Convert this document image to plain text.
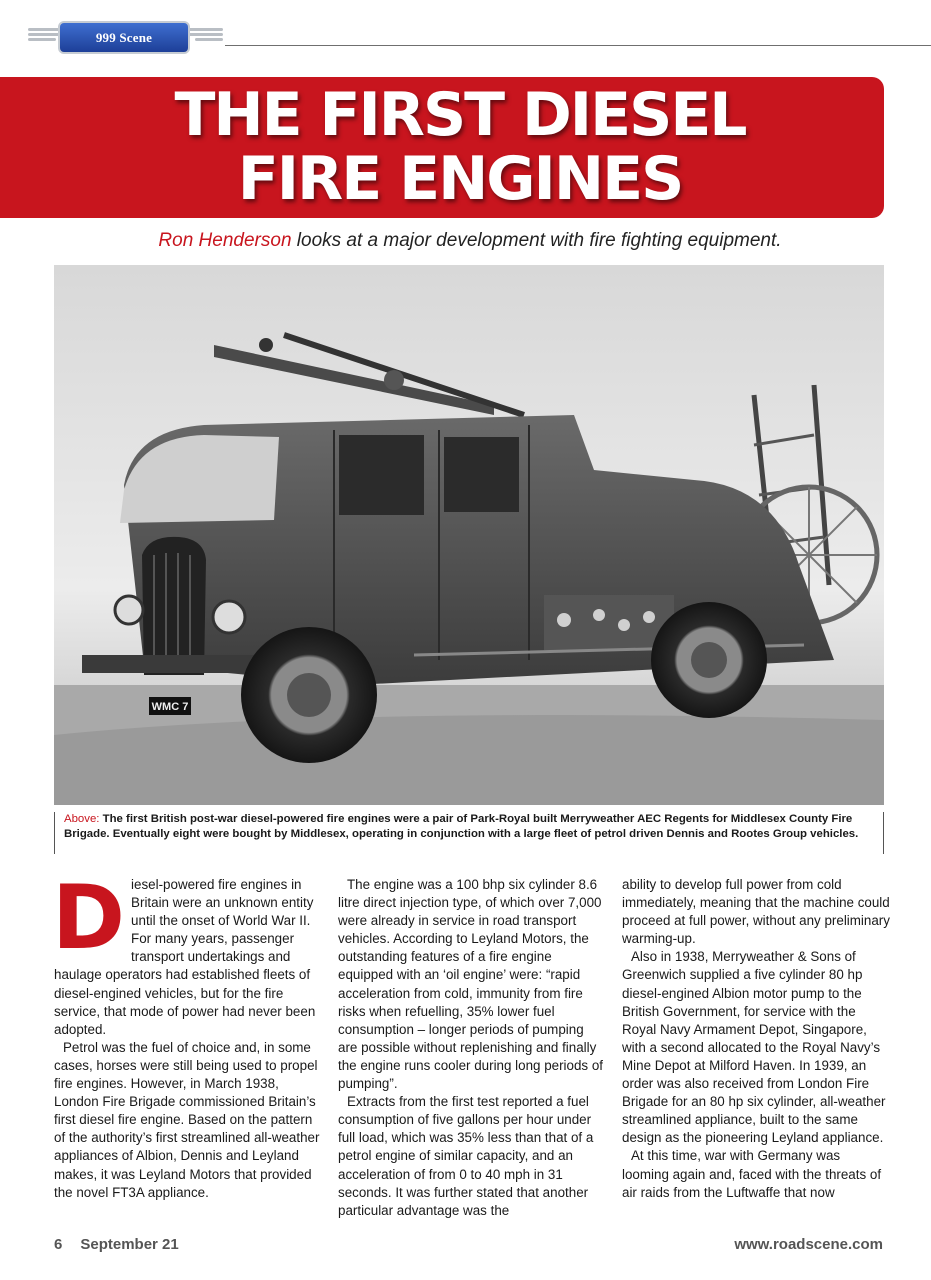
999 Scene
THE FIRST DIESEL
FIRE ENGINES

Ron Henderson looks at a major development with fire fighting equipment.

WMC 7

Above: The first British post-war diesel-powered fire engines were a pair of Park-Royal built Merryweather AEC Regents for Middlesex County Fire Brigade. Eventually eight were bought by Middlesex, operating in conjunction with a large fleet of petrol driven Dennis and Rootes Group vehicles.

Diesel-powered fire engines in Britain were an unknown entity until the onset of World War II. For many years, passenger transport undertakings and haulage operators had established fleets of diesel-engined vehicles, but for the fire service, that mode of power had never been adopted.

Petrol was the fuel of choice and, in some cases, horses were still being used to propel fire engines. However, in March 1938, London Fire Brigade commissioned Britain’s first diesel fire engine. Based on the pattern of the authority’s first streamlined all-weather appliances of Albion, Dennis and Leyland makes, it was Leyland Motors that provided the novel FT3A appliance.

The engine was a 100 bhp six cylinder 8.6 litre direct injection type, of which over 7,000 were already in service in road transport vehicles. According to Leyland Motors, the outstanding features of a fire engine equipped with an ‘oil engine’ were: “rapid acceleration from cold, immunity from fire risks when refuelling, 35% lower fuel consumption – longer periods of pumping are possible without replenishing and finally the engine runs cooler during long periods of pumping”.

Extracts from the first test reported a fuel consumption of five gallons per hour under full load, which was 35% less than that of a petrol engine of similar capacity, and an acceleration of from 0 to 40 mph in 31 seconds. It was further stated that another particular advantage was the

ability to develop full power from cold immediately, meaning that the machine could proceed at full power, without any preliminary warming-up.

Also in 1938, Merryweather & Sons of Greenwich supplied a five cylinder 80 hp diesel-engined Albion motor pump to the British Government, for service with the Royal Navy Armament Depot, Singapore, with a second allocated to the Royal Navy’s Mine Depot at Milford Haven. In 1939, an order was also received from London Fire Brigade for an 80 hp six cylinder, all-weather streamlined appliance, built to the same design as the pioneering Leyland appliance.

At this time, war with Germany was looming again and, faced with the threats of air raids from the Luftwaffe that now

6 September 21	www.roadscene.com
